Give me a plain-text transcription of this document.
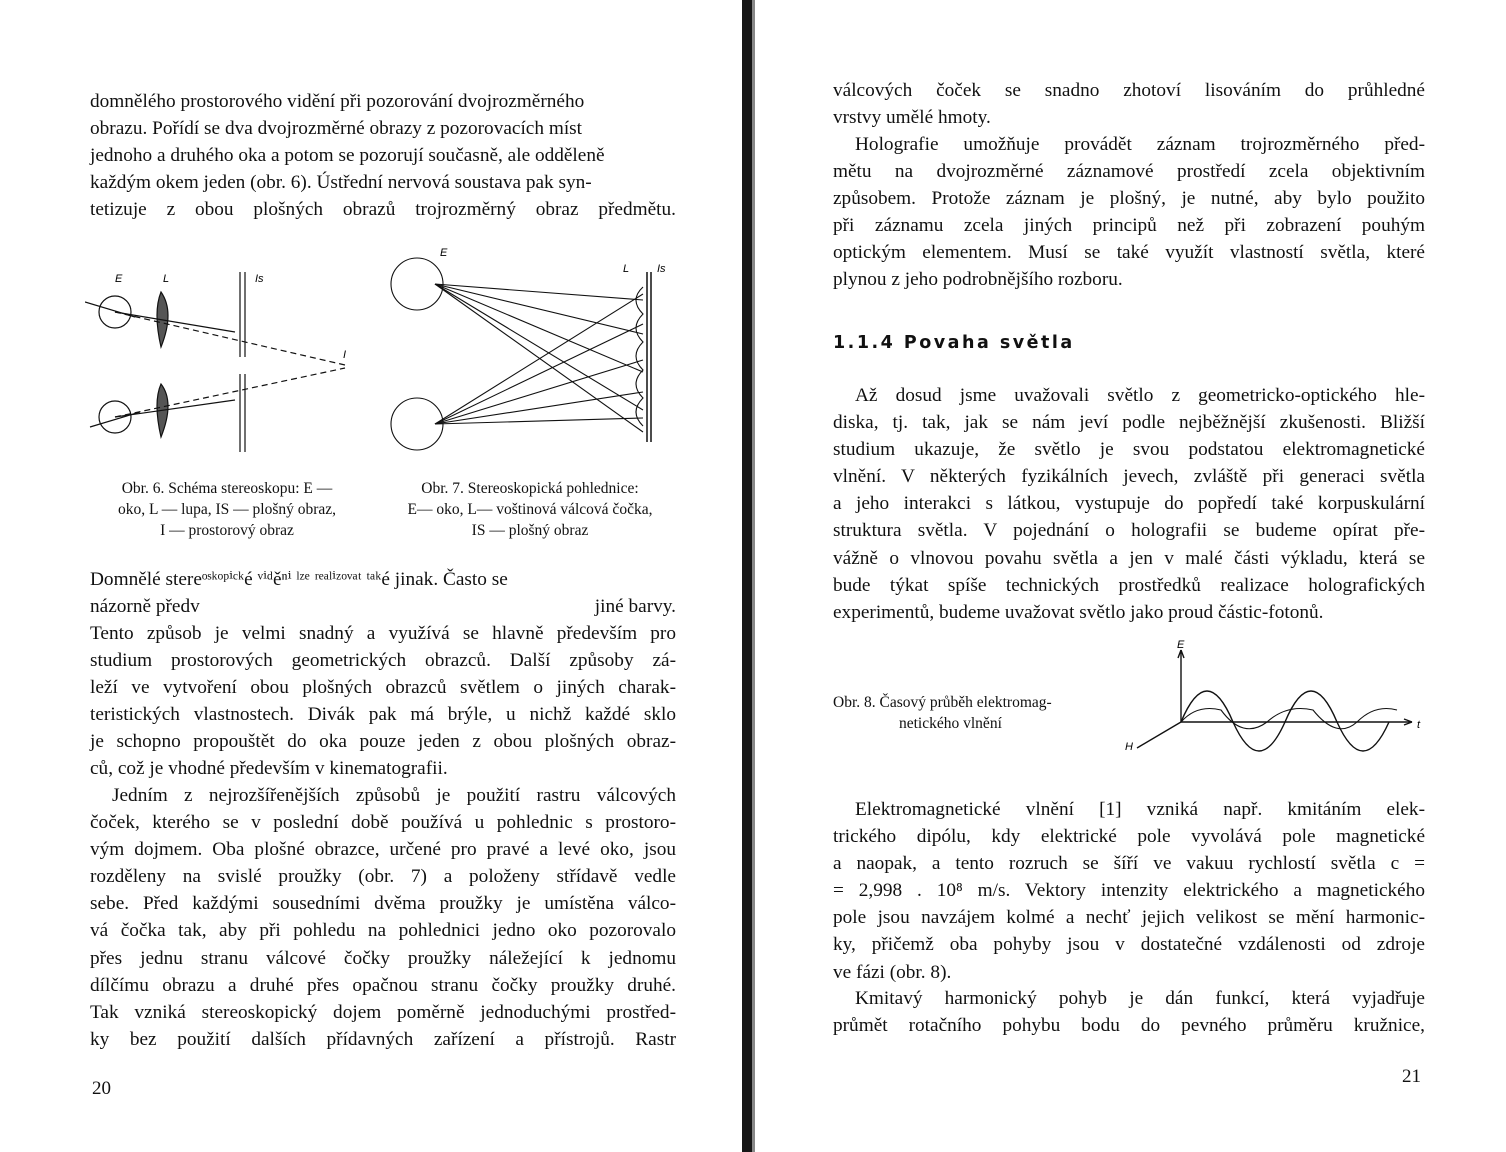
domnělého prostorového vidění při pozorování dvojrozměrného

obrazu. Pořídí se dva dvojrozměrné obrazy z pozorovacích míst

jednoho a druhého oka a potom se pozorují současně, ale odděleně

každým okem jeden (obr. 6). Ústřední nervová soustava pak syn-

tetizuje z obou plošných obrazů trojrozměrný obraz předmětu.

E	L	Is
I
Obr. 6. Schéma stereoskopu: E —
oko, L — lupa, IS — plošný obraz,
I — prostorový obraz
E
L	Is
Obr. 7. Stereoskopická pohlednice:
E— oko, L— voštinová válcová čočka,
IS — plošný obraz

Domnělé stereᵒˢᵏᵒᵖⁱᶜᵏé ᵛⁱᵈěⁿⁱ ˡᶻᵉ ʳᵉᵃˡⁱᶻᵒᵛᵃᵗ ᵗᵃᵏé jinak. Často se

názorně předv	jiné barvy.

Tento způsob je velmi snadný a využívá se hlavně především pro

studium prostorových geometrických obrazců. Další způsoby zá-

leží ve vytvoření obou plošných obrazců světlem o jiných charak-

teristických vlastnostech. Divák pak má brýle, u nichž každé sklo

je schopno propouštět do oka pouze jeden z obou plošných obraz-

ců, což je vhodné především v kinematografii.

Jedním z nejrozšířenějších způsobů je použití rastru válcových

čoček, kterého se v poslední době používá u pohlednic s prostoro-

vým dojmem. Oba plošné obrazce, určené pro pravé a levé oko, jsou

rozděleny na svislé proužky (obr. 7) a položeny střídavě vedle

sebe. Před každými sousedními dvěma proužky je umístěna válco-

vá čočka tak, aby při pohledu na pohlednici jedno oko pozorovalo

přes jednu stranu válcové čočky proužky náležející k jednomu

dílčímu obrazu a druhé přes opačnou stranu čočky proužky druhé.

Tak vzniká stereoskopický dojem poměrně jednoduchými prostřed-

ky bez použití dalších přídavných zařízení a přístrojů. Rastr

20

válcových čoček se snadno zhotoví lisováním do průhledné

vrstvy umělé hmoty.

Holografie umožňuje provádět záznam trojrozměrného před-

mětu na dvojrozměrné záznamové prostředí zcela objektivním

způsobem. Protože záznam je plošný, je nutné, aby bylo použito

při záznamu zcela jiných principů než při zobrazení pouhým

optickým elementem. Musí se také využít vlastností světla, které

plynou z jeho podrobnějšího rozboru.

1.1.4 Povaha světla

Až dosud jsme uvažovali světlo z geometricko-optického hle-

diska, tj. tak, jak se nám jeví podle nejběžnější zkušenosti. Bližší

studium ukazuje, že světlo je svou podstatou elektromagnetické

vlnění. V některých fyzikálních jevech, zvláště při generaci světla

a jeho interakci s látkou, vystupuje do popředí také korpuskulární

struktura světla. V pojednání o holografii se budeme opírat pře-

vážně o vlnovou povahu světla a jen v malé části výkladu, která se

bude týkat spíše technických prostředků realizace holografických

experimentů, budeme uvažovat světlo jako proud částic-fotonů.

Obr. 8. Časový průběh elektromag-
netického vlnění
E
H
t

Elektromagnetické vlnění [1] vzniká např. kmitáním elek-

trického dipólu, kdy elektrické pole vyvolává pole magnetické

a naopak, a tento rozruch se šíří ve vakuu rychlostí světla c =

= 2,998 . 10⁸ m/s. Vektory intenzity elektrického a magnetického

pole jsou navzájem kolmé a nechť jejich velikost se mění harmonic-

ky, přičemž oba pohyby jsou v dostatečné vzdálenosti od zdroje

ve fázi (obr. 8).

Kmitavý harmonický pohyb je dán funkcí, která vyjadřuje

průmět rotačního pohybu bodu do pevného průměru kružnice,

21
